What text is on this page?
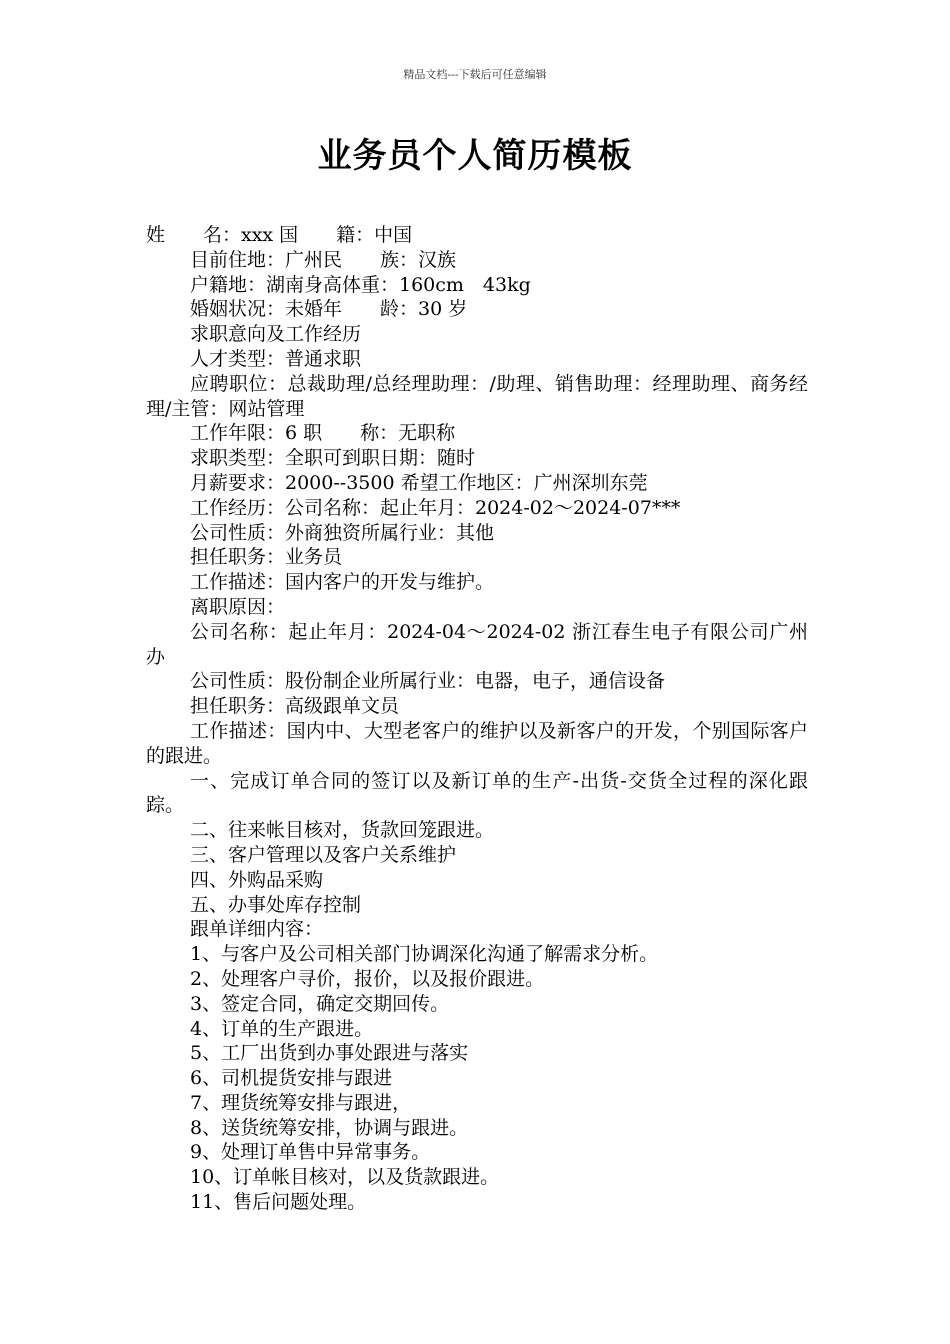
精品文档---下载后可任意编辑
业务员个人简历模板

姓　　名：xxx 国　　籍：中国

目前住地：广州民　　族：汉族

户籍地：湖南身高体重：160cm　43kg

婚姻状况：未婚年　　龄：30 岁

求职意向及工作经历

人才类型：普通求职

应聘职位：总裁助理/总经理助理：/助理、销售助理：经理助理、商务经理/主管：网站管理

工作年限：6 职　　称：无职称

求职类型：全职可到职日期：随时

月薪要求：2000--3500 希望工作地区：广州深圳东莞

工作经历：公司名称：起止年月：2024-02～2024-07***

公司性质：外商独资所属行业：其他

担任职务：业务员

工作描述：国内客户的开发与维护。

离职原因：

公司名称：起止年月：2024-04～2024-02 浙江春生电子有限公司广州办

公司性质：股份制企业所属行业：电器，电子，通信设备

担任职务：高级跟单文员

工作描述：国内中、大型老客户的维护以及新客户的开发，个别国际客户的跟进。

一、完成订单合同的签订以及新订单的生产-出货-交货全过程的深化跟踪。

二、往来帐目核对，货款回笼跟进。

三、客户管理以及客户关系维护

四、外购品采购

五、办事处库存控制

跟单详细内容：

1、与客户及公司相关部门协调深化沟通了解需求分析。

2、处理客户寻价，报价，以及报价跟进。

3、签定合同，确定交期回传。

4、订单的生产跟进。

5、工厂出货到办事处跟进与落实

6、司机提货安排与跟进

7、理货统筹安排与跟进，

8、送货统筹安排，协调与跟进。

9、处理订单售中异常事务。

10、订单帐目核对，以及货款跟进。

11、售后问题处理。
